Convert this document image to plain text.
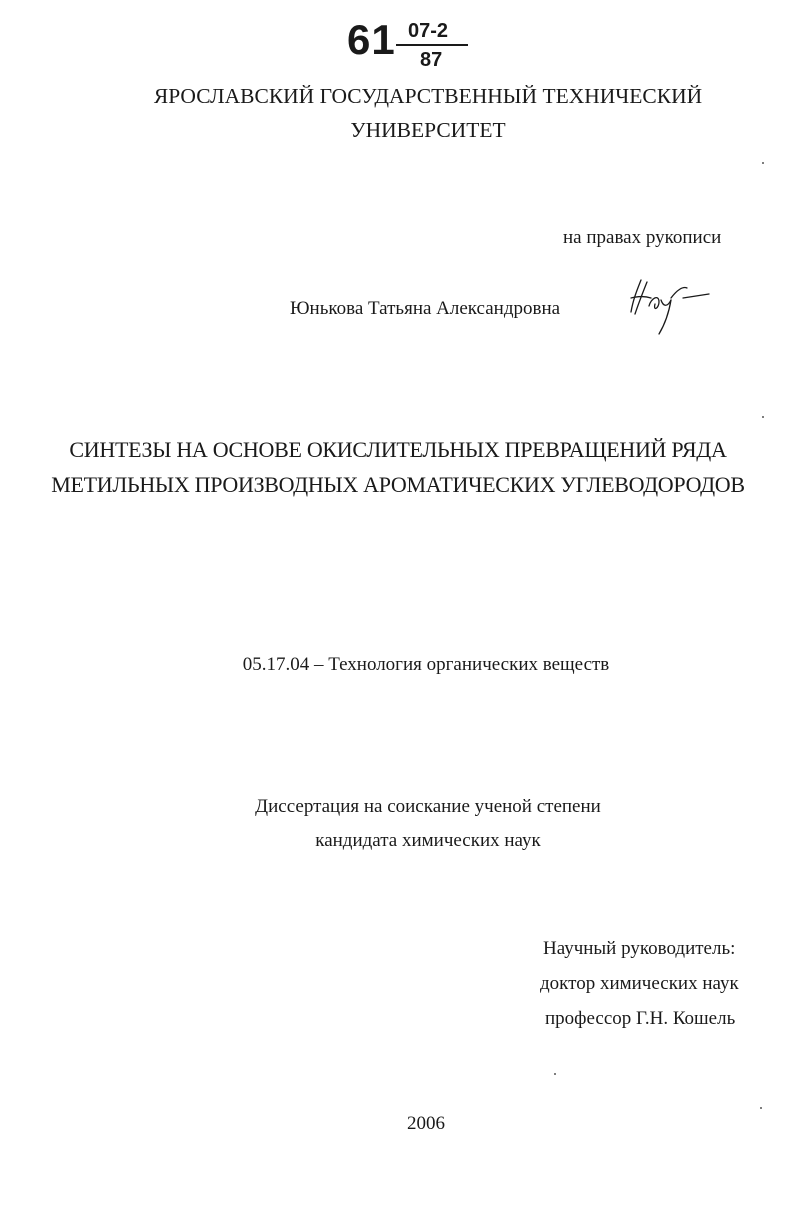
61 07-2
87
ЯРОСЛАВСКИЙ ГОСУДАРСТВЕННЫЙ ТЕХНИЧЕСКИЙ
УНИВЕРСИТЕТ
на правах рукописи
Юнькова Татьяна Александровна
СИНТЕЗЫ НА ОСНОВЕ ОКИСЛИТЕЛЬНЫХ ПРЕВРАЩЕНИЙ РЯДА
МЕТИЛЬНЫХ ПРОИЗВОДНЫХ АРОМАТИЧЕСКИХ УГЛЕВОДОРОДОВ
05.17.04 – Технология органических веществ
Диссертация на соискание ученой степени
кандидата химических наук
Научный руководитель:
доктор химических наук
профессор Г.Н. Кошель
2006
